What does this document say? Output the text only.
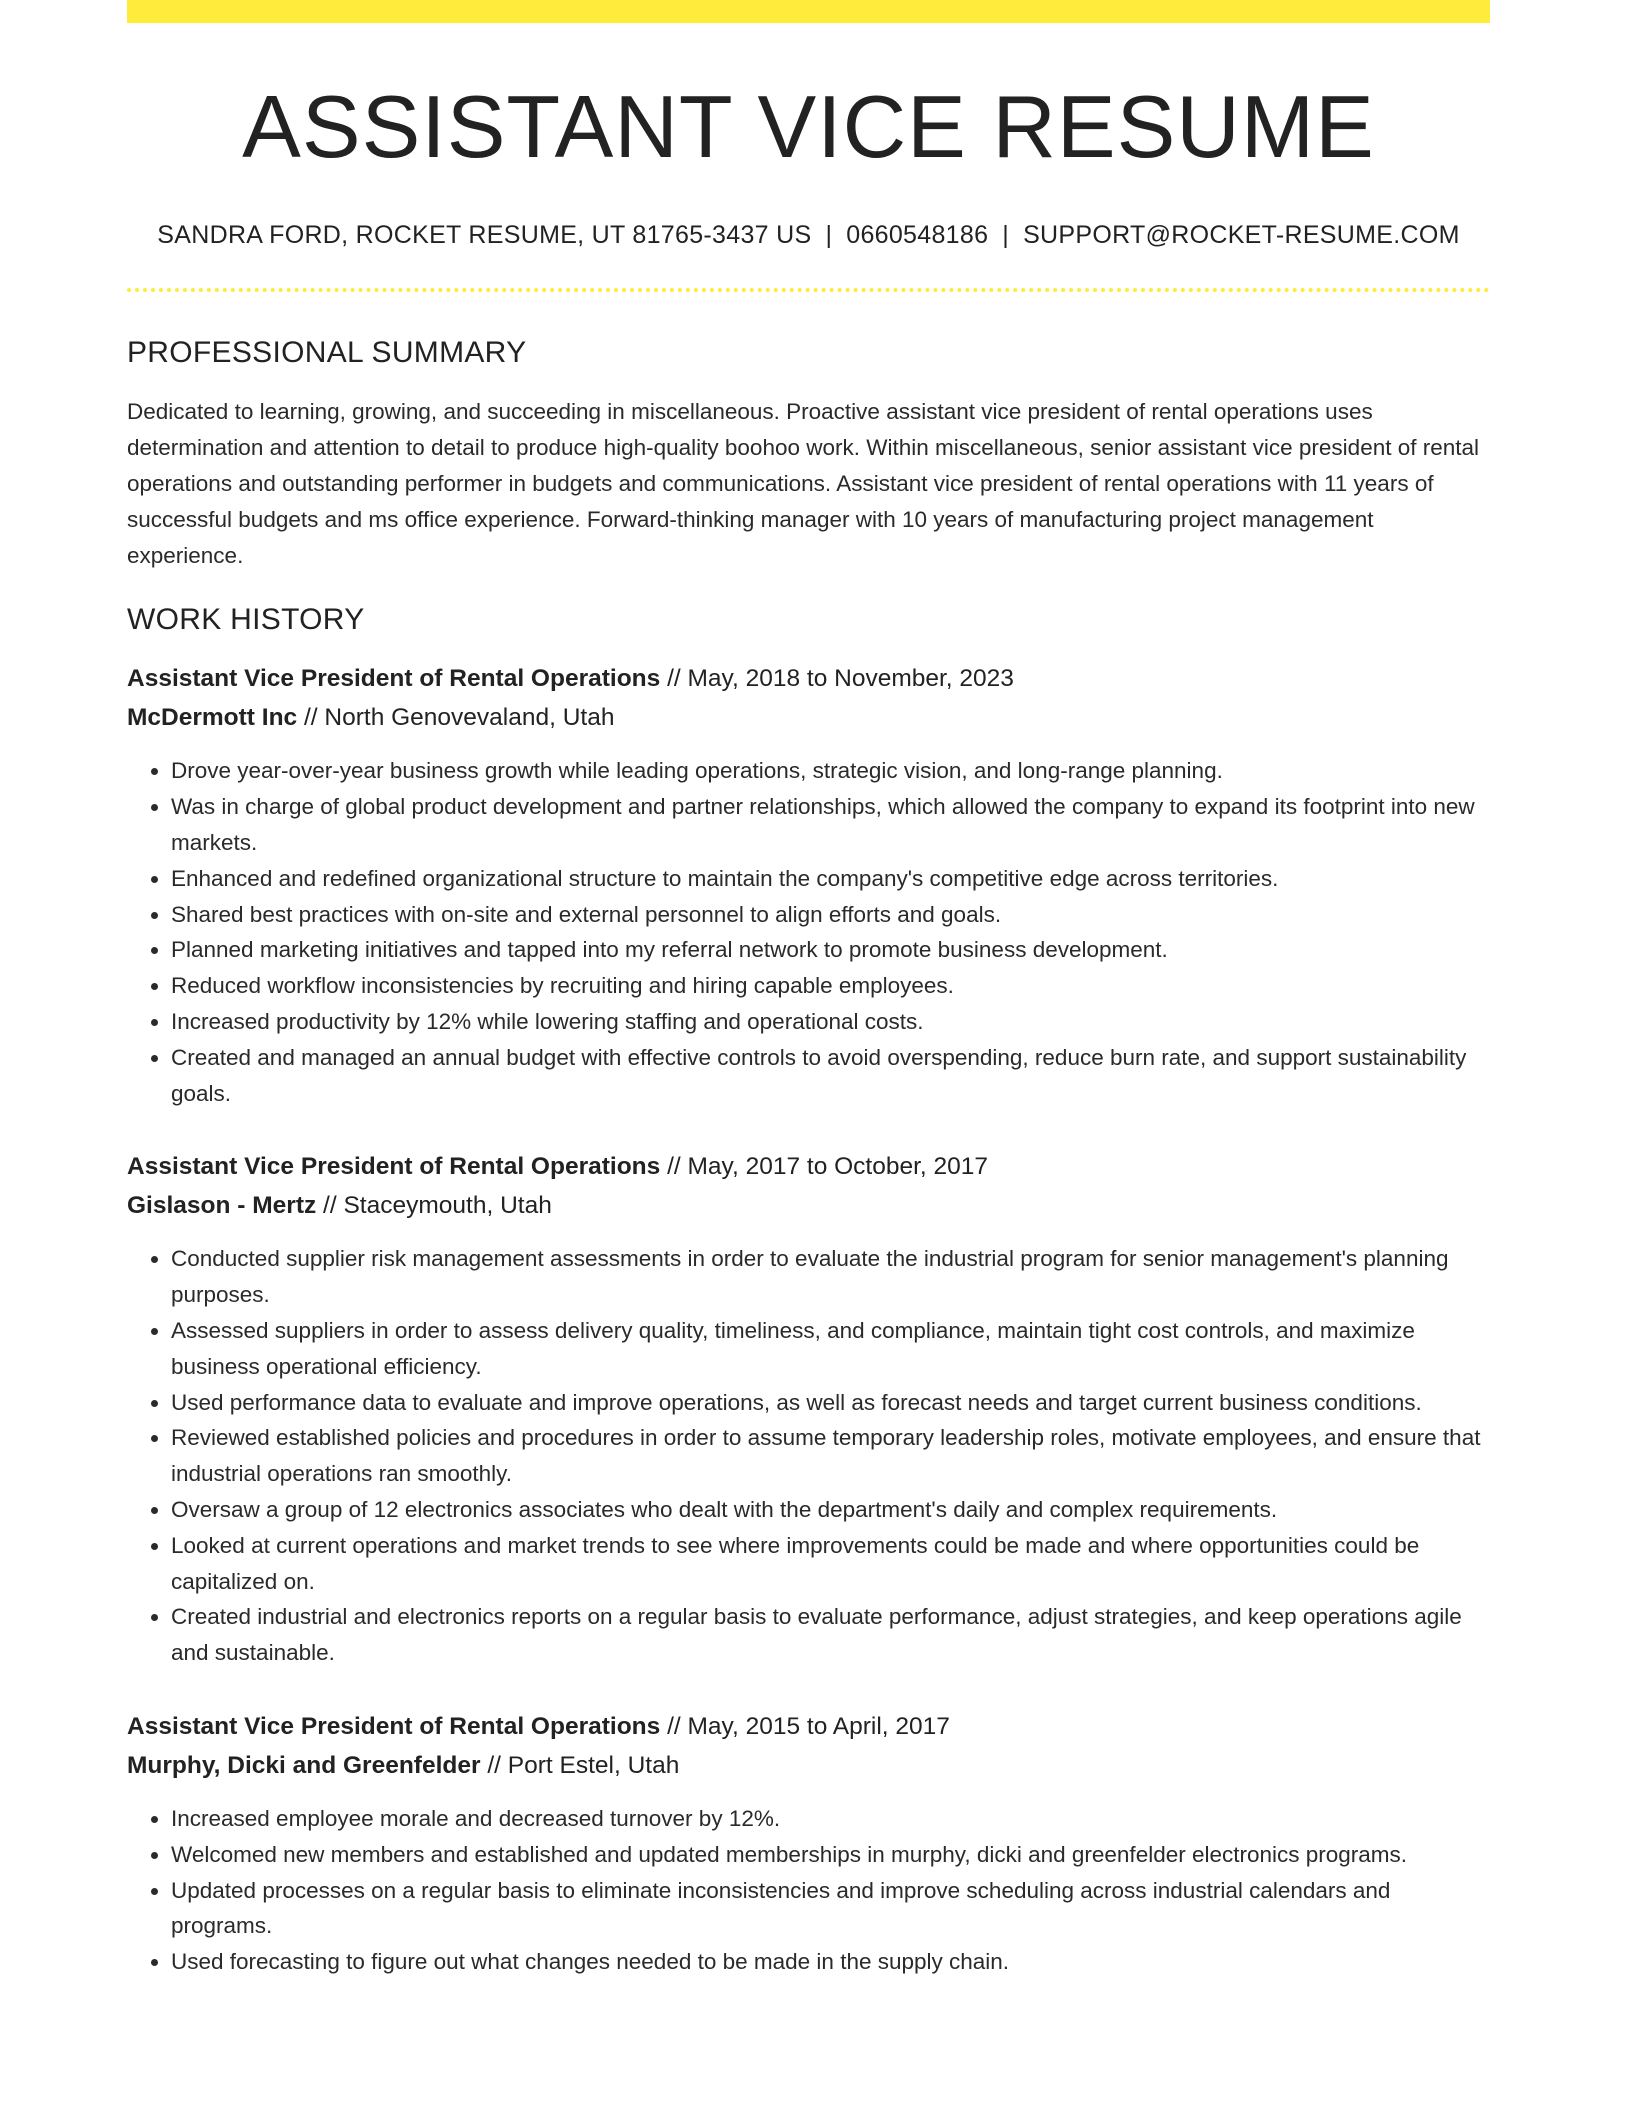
ASSISTANT VICE RESUME
SANDRA FORD, ROCKET RESUME, UT 81765-3437 US | 0660548186 | SUPPORT@ROCKET-RESUME.COM
PROFESSIONAL SUMMARY

Dedicated to learning, growing, and succeeding in miscellaneous. Proactive assistant vice president of rental operations uses determination and attention to detail to produce high-quality boohoo work. Within miscellaneous, senior assistant vice president of rental operations and outstanding performer in budgets and communications. Assistant vice president of rental operations with 11 years of successful budgets and ms office experience. Forward-thinking manager with 10 years of manufacturing project management experience.

WORK HISTORY
Assistant Vice President of Rental Operations // May, 2018 to November, 2023
McDermott Inc // North Genovevaland, Utah
• Drove year-over-year business growth while leading operations, strategic vision, and long-range planning.
• Was in charge of global product development and partner relationships, which allowed the company to expand its footprint into new markets.
• Enhanced and redefined organizational structure to maintain the company's competitive edge across territories.
• Shared best practices with on-site and external personnel to align efforts and goals.
• Planned marketing initiatives and tapped into my referral network to promote business development.
• Reduced workflow inconsistencies by recruiting and hiring capable employees.
• Increased productivity by 12% while lowering staffing and operational costs.
• Created and managed an annual budget with effective controls to avoid overspending, reduce burn rate, and support sustainability goals.
Assistant Vice President of Rental Operations // May, 2017 to October, 2017
Gislason - Mertz // Staceymouth, Utah
• Conducted supplier risk management assessments in order to evaluate the industrial program for senior management's planning purposes.
• Assessed suppliers in order to assess delivery quality, timeliness, and compliance, maintain tight cost controls, and maximize business operational efficiency.
• Used performance data to evaluate and improve operations, as well as forecast needs and target current business conditions.
• Reviewed established policies and procedures in order to assume temporary leadership roles, motivate employees, and ensure that industrial operations ran smoothly.
• Oversaw a group of 12 electronics associates who dealt with the department's daily and complex requirements.
• Looked at current operations and market trends to see where improvements could be made and where opportunities could be capitalized on.
• Created industrial and electronics reports on a regular basis to evaluate performance, adjust strategies, and keep operations agile and sustainable.
Assistant Vice President of Rental Operations // May, 2015 to April, 2017
Murphy, Dicki and Greenfelder // Port Estel, Utah
• Increased employee morale and decreased turnover by 12%.
• Welcomed new members and established and updated memberships in murphy, dicki and greenfelder electronics programs.
• Updated processes on a regular basis to eliminate inconsistencies and improve scheduling across industrial calendars and programs.
• Used forecasting to figure out what changes needed to be made in the supply chain.
